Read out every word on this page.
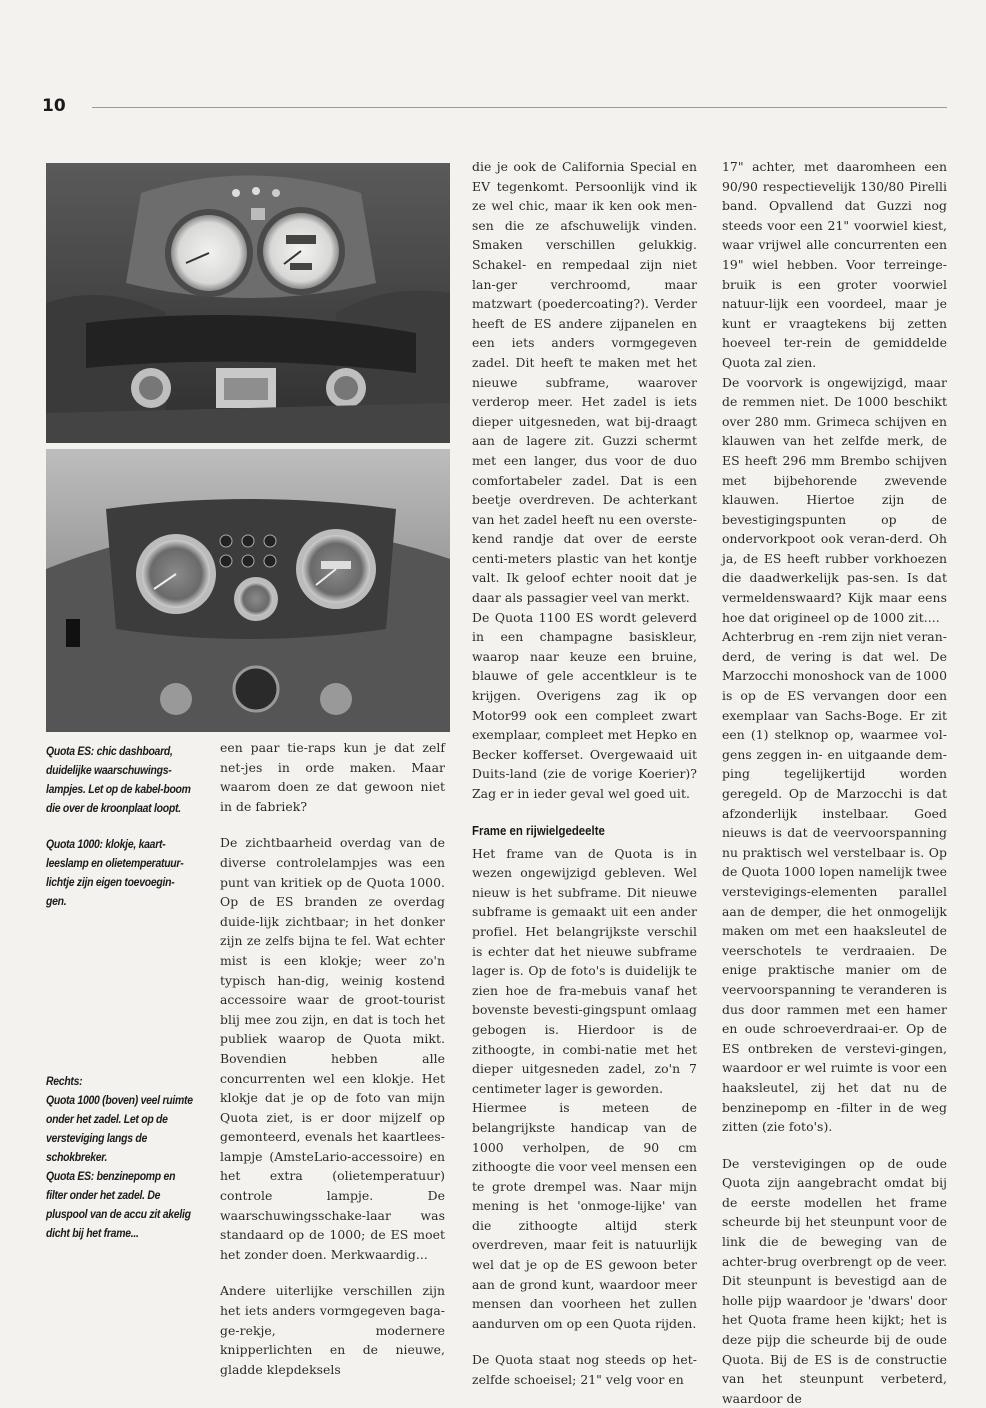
10

Quota ES: chic dashboard, duidelijke waarschuwings-lampjes. Let op de kabel-boom die over de kroonplaat loopt.

Quota 1000: klokje, kaart-leeslamp en olietemperatuur-lichtje zijn eigen toevoegin-gen.

Rechts:

Quota 1000 (boven) veel ruimte onder het zadel. Let op de versteviging langs de schokbreker.

Quota ES: benzinepomp en filter onder het zadel. De pluspool van de accu zit akelig dicht bij het frame...

een paar tie-raps kun je dat zelf net-jes in orde maken. Maar waarom doen ze dat gewoon niet in de fabriek?

De zichtbaarheid overdag van de diverse controlelampjes was een punt van kritiek op de Quota 1000. Op de ES branden ze overdag duide-lijk zichtbaar; in het donker zijn ze zelfs bijna te fel. Wat echter mist is een klokje; weer zo'n typisch han-dig, weinig kostend accessoire waar de groot-tourist blij mee zou zijn, en dat is toch het publiek waarop de Quota mikt. Bovendien hebben alle concurrenten wel een klokje. Het klokje dat je op de foto van mijn Quota ziet, is er door mijzelf op gemonteerd, evenals het kaartlees-lampje (AmsteLario-accessoire) en het extra (olietemperatuur) controle lampje. De waarschuwingsschake-laar was standaard op de 1000; de ES moet het zonder doen. Merkwaardig...

Andere uiterlijke verschillen zijn het iets anders vormgegeven baga-ge-rekje, modernere knipperlichten en de nieuwe, gladde klepdeksels

die je ook de California Special en EV tegenkomt. Persoonlijk vind ik ze wel chic, maar ik ken ook men-sen die ze afschuwelijk vinden. Smaken verschillen gelukkig. Schakel- en rempedaal zijn niet lan-ger verchroomd, maar matzwart (poedercoating?). Verder heeft de ES andere zijpanelen en een iets anders vormgegeven zadel. Dit heeft te maken met het nieuwe subframe, waarover verderop meer. Het zadel is iets dieper uitgesneden, wat bij-draagt aan de lagere zit. Guzzi schermt met een langer, dus voor de duo comfortabeler zadel. Dat is een beetje overdreven. De achterkant van het zadel heeft nu een overste-kend randje dat over de eerste centi-meters plastic van het kontje valt. Ik geloof echter nooit dat je daar als passagier veel van merkt.

De Quota 1100 ES wordt geleverd in een champagne basiskleur, waarop naar keuze een bruine, blauwe of gele accentkleur is te krijgen. Overigens zag ik op Motor99 ook een compleet zwart exemplaar, compleet met Hepko en Becker kofferset. Overgewaaid uit Duits-land (zie de vorige Koerier)? Zag er in ieder geval wel goed uit.

Frame en rijwielgedeelte

Het frame van de Quota is in wezen ongewijzigd gebleven. Wel nieuw is het subframe. Dit nieuwe subframe is gemaakt uit een ander profiel. Het belangrijkste verschil is echter dat het nieuwe subframe lager is. Op de foto's is duidelijk te zien hoe de fra-mebuis vanaf het bovenste bevesti-gingspunt omlaag gebogen is. Hierdoor is de zithoogte, in combi-natie met het dieper uitgesneden zadel, zo'n 7 centimeter lager is geworden.

Hiermee is meteen de belangrijkste handicap van de 1000 verholpen, de 90 cm zithoogte die voor veel mensen een te grote drempel was. Naar mijn mening is het 'onmoge-lijke' van die zithoogte altijd sterk overdreven, maar feit is natuurlijk wel dat je op de ES gewoon beter aan de grond kunt, waardoor meer mensen dan voorheen het zullen aandurven om op een Quota rijden.

De Quota staat nog steeds op het-zelfde schoeisel; 21" velg voor en

17" achter, met daaromheen een 90/90 respectievelijk 130/80 Pirelli band. Opvallend dat Guzzi nog steeds voor een 21" voorwiel kiest, waar vrijwel alle concurrenten een 19" wiel hebben. Voor terreinge-bruik is een groter voorwiel natuur-lijk een voordeel, maar je kunt er vraagtekens bij zetten hoeveel ter-rein de gemiddelde Quota zal zien.

De voorvork is ongewijzigd, maar de remmen niet. De 1000 beschikt over 280 mm. Grimeca schijven en klauwen van het zelfde merk, de ES heeft 296 mm Brembo schijven met bijbehorende zwevende klauwen. Hiertoe zijn de bevestigingspunten op de ondervorkpoot ook veran-derd. Oh ja, de ES heeft rubber vorkhoezen die daadwerkelijk pas-sen. Is dat vermeldenswaard? Kijk maar eens hoe dat origineel op de 1000 zit....

Achterbrug en -rem zijn niet veran-derd, de vering is dat wel. De Marzocchi monoshock van de 1000 is op de ES vervangen door een exemplaar van Sachs-Boge. Er zit een (1) stelknop op, waarmee vol-gens zeggen in- en uitgaande dem-ping tegelijkertijd worden geregeld. Op de Marzocchi is dat afzonderlijk instelbaar. Goed nieuws is dat de veervoorspanning nu praktisch wel verstelbaar is. Op de Quota 1000 lopen namelijk twee verstevigings-elementen parallel aan de demper, die het onmogelijk maken om met een haaksleutel de veerschotels te verdraaien. De enige praktische manier om de veervoorspanning te veranderen is dus door rammen met een hamer en oude schroeverdraai-er. Op de ES ontbreken de verstevi-gingen, waardoor er wel ruimte is voor een haaksleutel, zij het dat nu de benzinepomp en -filter in de weg zitten (zie foto's).

De verstevigingen op de oude Quota zijn aangebracht omdat bij de eerste modellen het frame scheurde bij het steunpunt voor de link die de beweging van de achter-brug overbrengt op de veer. Dit steunpunt is bevestigd aan de holle pijp waardoor je 'dwars' door het Quota frame heen kijkt; het is deze pijp die scheurde bij de oude Quota. Bij de ES is de constructie van het steunpunt verbeterd, waardoor de
